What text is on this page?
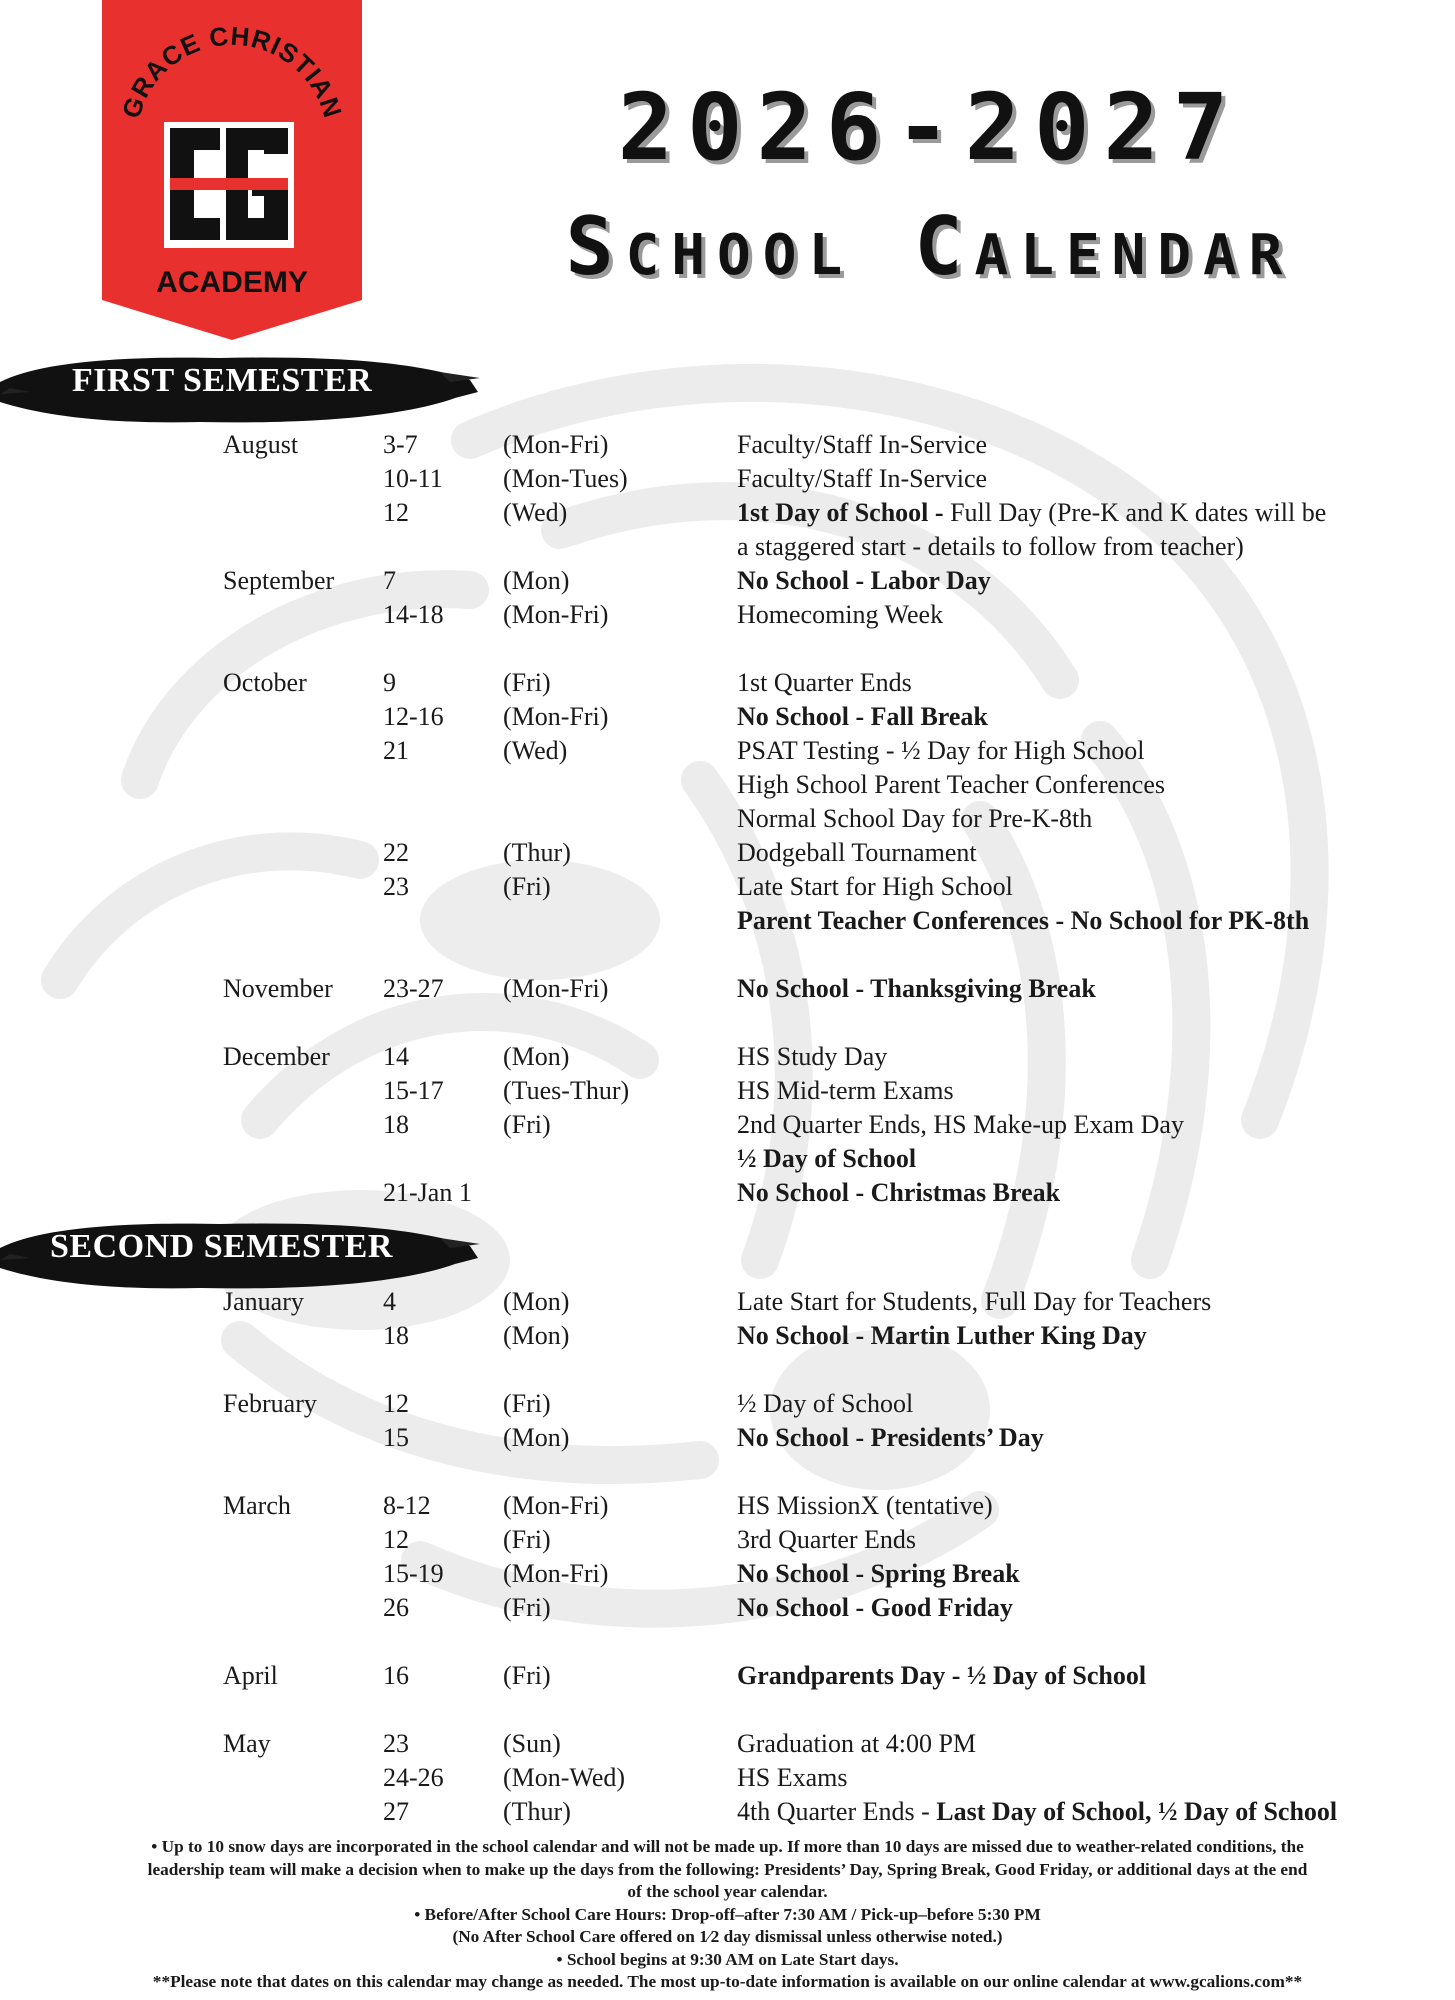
GRACE CHRISTIAN
ACADEMY
2026-2027
School Calendar
FIRST SEMESTER
SECOND SEMESTER
August	3-7	(Mon-Fri)	Faculty/Staff In-Service
10-11 (Mon-Tues)	Faculty/Staff In-Service
12	(Wed)	1st Day of School - Full Day (Pre-K and K dates will be
a staggered start - details to follow from teacher)
September 7	(Mon)	No School - Labor Day
14-18 (Mon-Fri)	Homecoming Week
October	9	(Fri)	1st Quarter Ends
12-16 (Mon-Fri)	No School - Fall Break
21	(Wed)	PSAT Testing - ½ Day for High School
High School Parent Teacher Conferences
Normal School Day for Pre-K-8th
22	(Thur)	Dodgeball Tournament
23	(Fri)	Late Start for High School
Parent Teacher Conferences - No School for PK-8th
November 23-27 (Mon-Fri)	No School - Thanksgiving Break
December 14	(Mon)	HS Study Day
15-17 (Tues-Thur)	HS Mid-term Exams
18	(Fri)	2nd Quarter Ends, HS Make-up Exam Day
½ Day of School
21-Jan 1	No School - Christmas Break
January	4	(Mon)	Late Start for Students, Full Day for Teachers
18	(Mon)	No School - Martin Luther King Day
February	12	(Fri)	½ Day of School
15	(Mon)	No School - Presidents’ Day
March	8-12	(Mon-Fri)	HS MissionX (tentative)
12	(Fri)	3rd Quarter Ends
15-19 (Mon-Fri)	No School - Spring Break
26	(Fri)	No School - Good Friday
April	16	(Fri)	Grandparents Day - ½ Day of School
May	23	(Sun)	Graduation at 4:00 PM
24-26 (Mon-Wed)	HS Exams
27	(Thur)	4th Quarter Ends - Last Day of School, ½ Day of School
• Up to 10 snow days are incorporated in the school calendar and will not be made up. If more than 10 days are missed due to weather-related conditions, the
leadership team will make a decision when to make up the days from the following: Presidents’ Day, Spring Break, Good Friday, or additional days at the end
of the school year calendar.
• Before/After School Care Hours: Drop-off–after 7:30 AM / Pick-up–before 5:30 PM
(No After School Care offered on 1⁄2 day dismissal unless otherwise noted.)
• School begins at 9:30 AM on Late Start days.
**Please note that dates on this calendar may change as needed. The most up-to-date information is available on our online calendar at www.gcalions.com**
